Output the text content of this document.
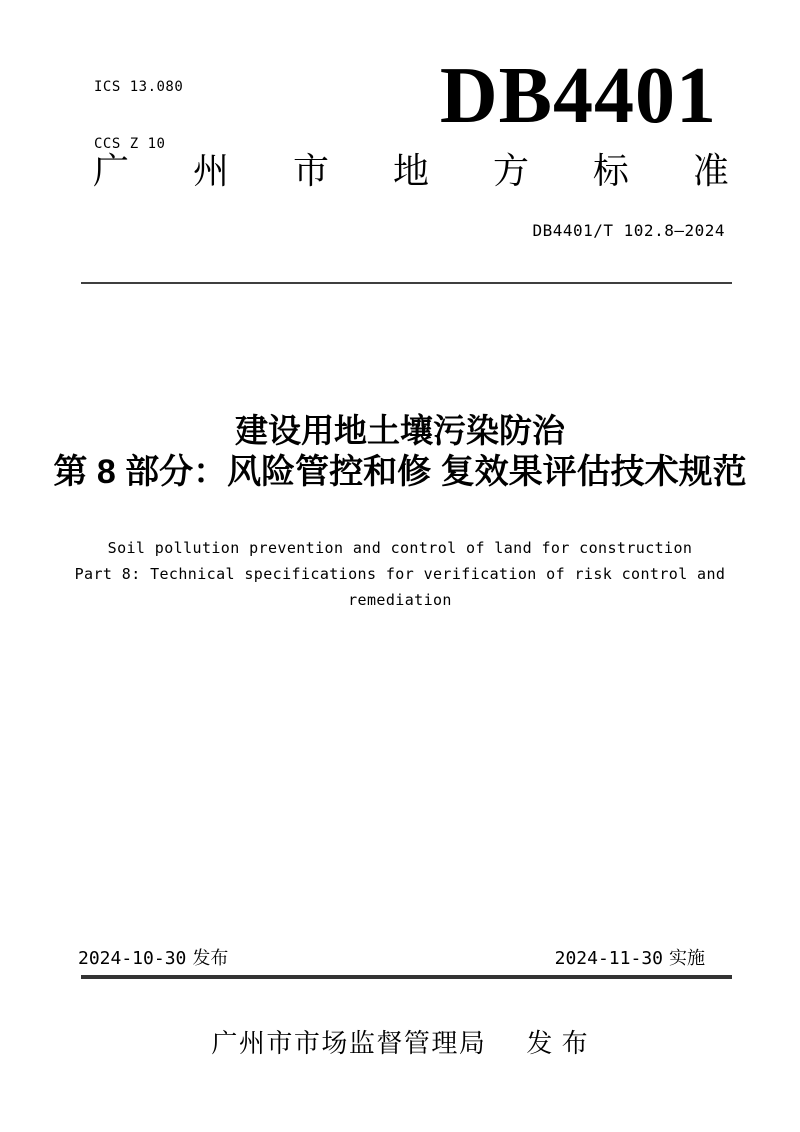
ICS 13.080

CCS Z 10

DB4401
广 州 市 地 方 标 准
DB4401/T 102.8—2024
建设用地土壤污染防治
第 8 部分：风险管控和修 复效果评估技术规范
Soil pollution prevention and control of land for construction
Part 8: Technical specifications for verification of risk control and
remediation
2024-10-30 发布	2024-11-30 实施
广州市市场监督管理局 发 布
